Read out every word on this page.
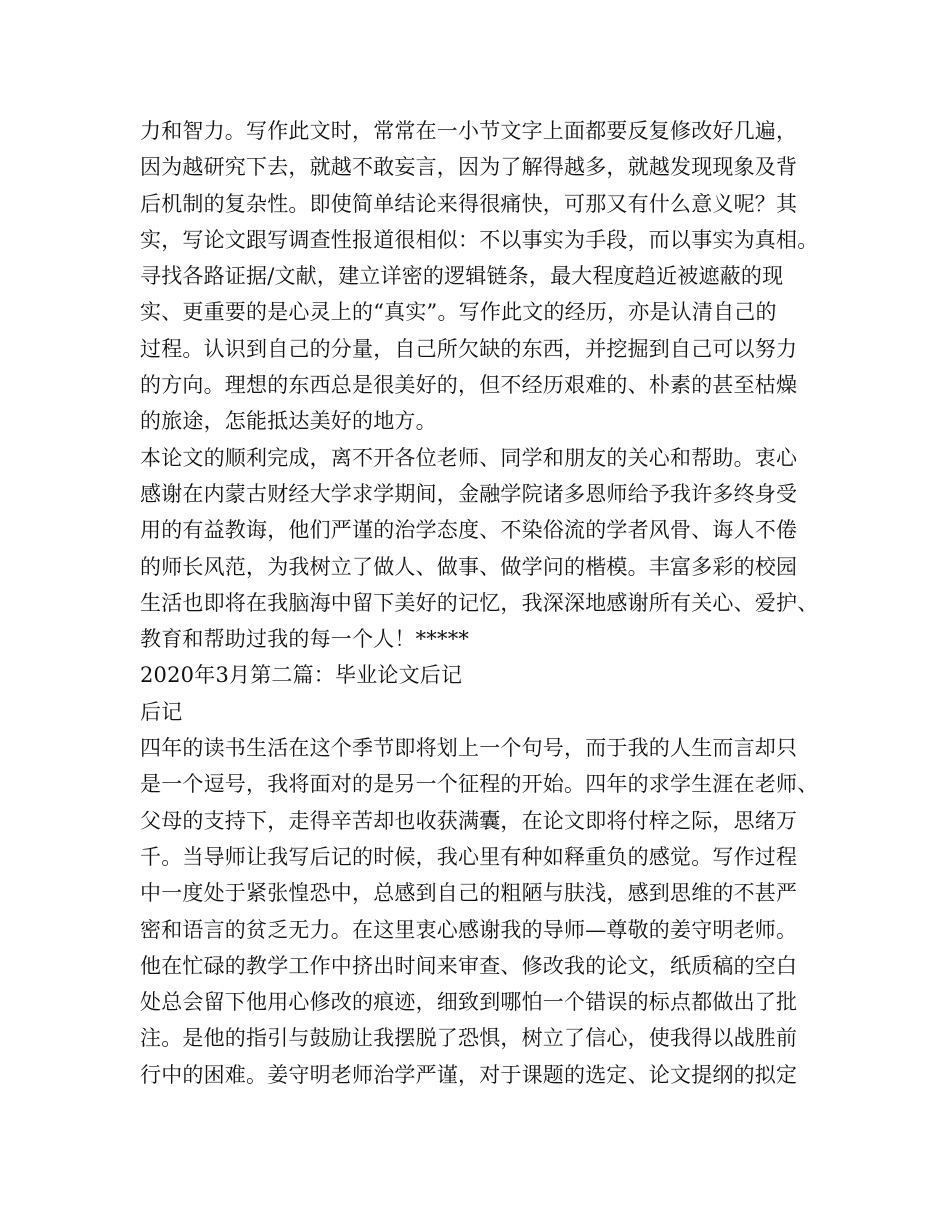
力和智力。写作此文时，常常在一小节文字上面都要反复修改好几遍，
因为越研究下去，就越不敢妄言，因为了解得越多，就越发现现象及背
后机制的复杂性。即使简单结论来得很痛快，可那又有什么意义呢？其
实，写论文跟写调查性报道很相似：不以事实为手段，而以事实为真相。
寻找各路证据/文献，建立详密的逻辑链条，最大程度趋近被遮蔽的现
实、更重要的是心灵上的“真实”。写作此文的经历，亦是认清自己的
过程。认识到自己的分量，自己所欠缺的东西，并挖掘到自己可以努力
的方向。理想的东西总是很美好的，但不经历艰难的、朴素的甚至枯燥
的旅途，怎能抵达美好的地方。
本论文的顺利完成，离不开各位老师、同学和朋友的关心和帮助。衷心
感谢在内蒙古财经大学求学期间，金融学院诸多恩师给予我许多终身受
用的有益教诲，他们严谨的治学态度、不染俗流的学者风骨、诲人不倦
的师长风范，为我树立了做人、做事、做学问的楷模。丰富多彩的校园
生活也即将在我脑海中留下美好的记忆，我深深地感谢所有关心、爱护、
教育和帮助过我的每一个人！*****
2020年3月第二篇：毕业论文后记
后记
四年的读书生活在这个季节即将划上一个句号，而于我的人生而言却只
是一个逗号，我将面对的是另一个征程的开始。四年的求学生涯在老师、
父母的支持下，走得辛苦却也收获满囊，在论文即将付梓之际，思绪万
千。当导师让我写后记的时候，我心里有种如释重负的感觉。写作过程
中一度处于紧张惶恐中，总感到自己的粗陋与肤浅，感到思维的不甚严
密和语言的贫乏无力。在这里衷心感谢我的导师—尊敬的姜守明老师。
他在忙碌的教学工作中挤出时间来审查、修改我的论文，纸质稿的空白
处总会留下他用心修改的痕迹，细致到哪怕一个错误的标点都做出了批
注。是他的指引与鼓励让我摆脱了恐惧，树立了信心，使我得以战胜前
行中的困难。姜守明老师治学严谨，对于课题的选定、论文提纲的拟定
